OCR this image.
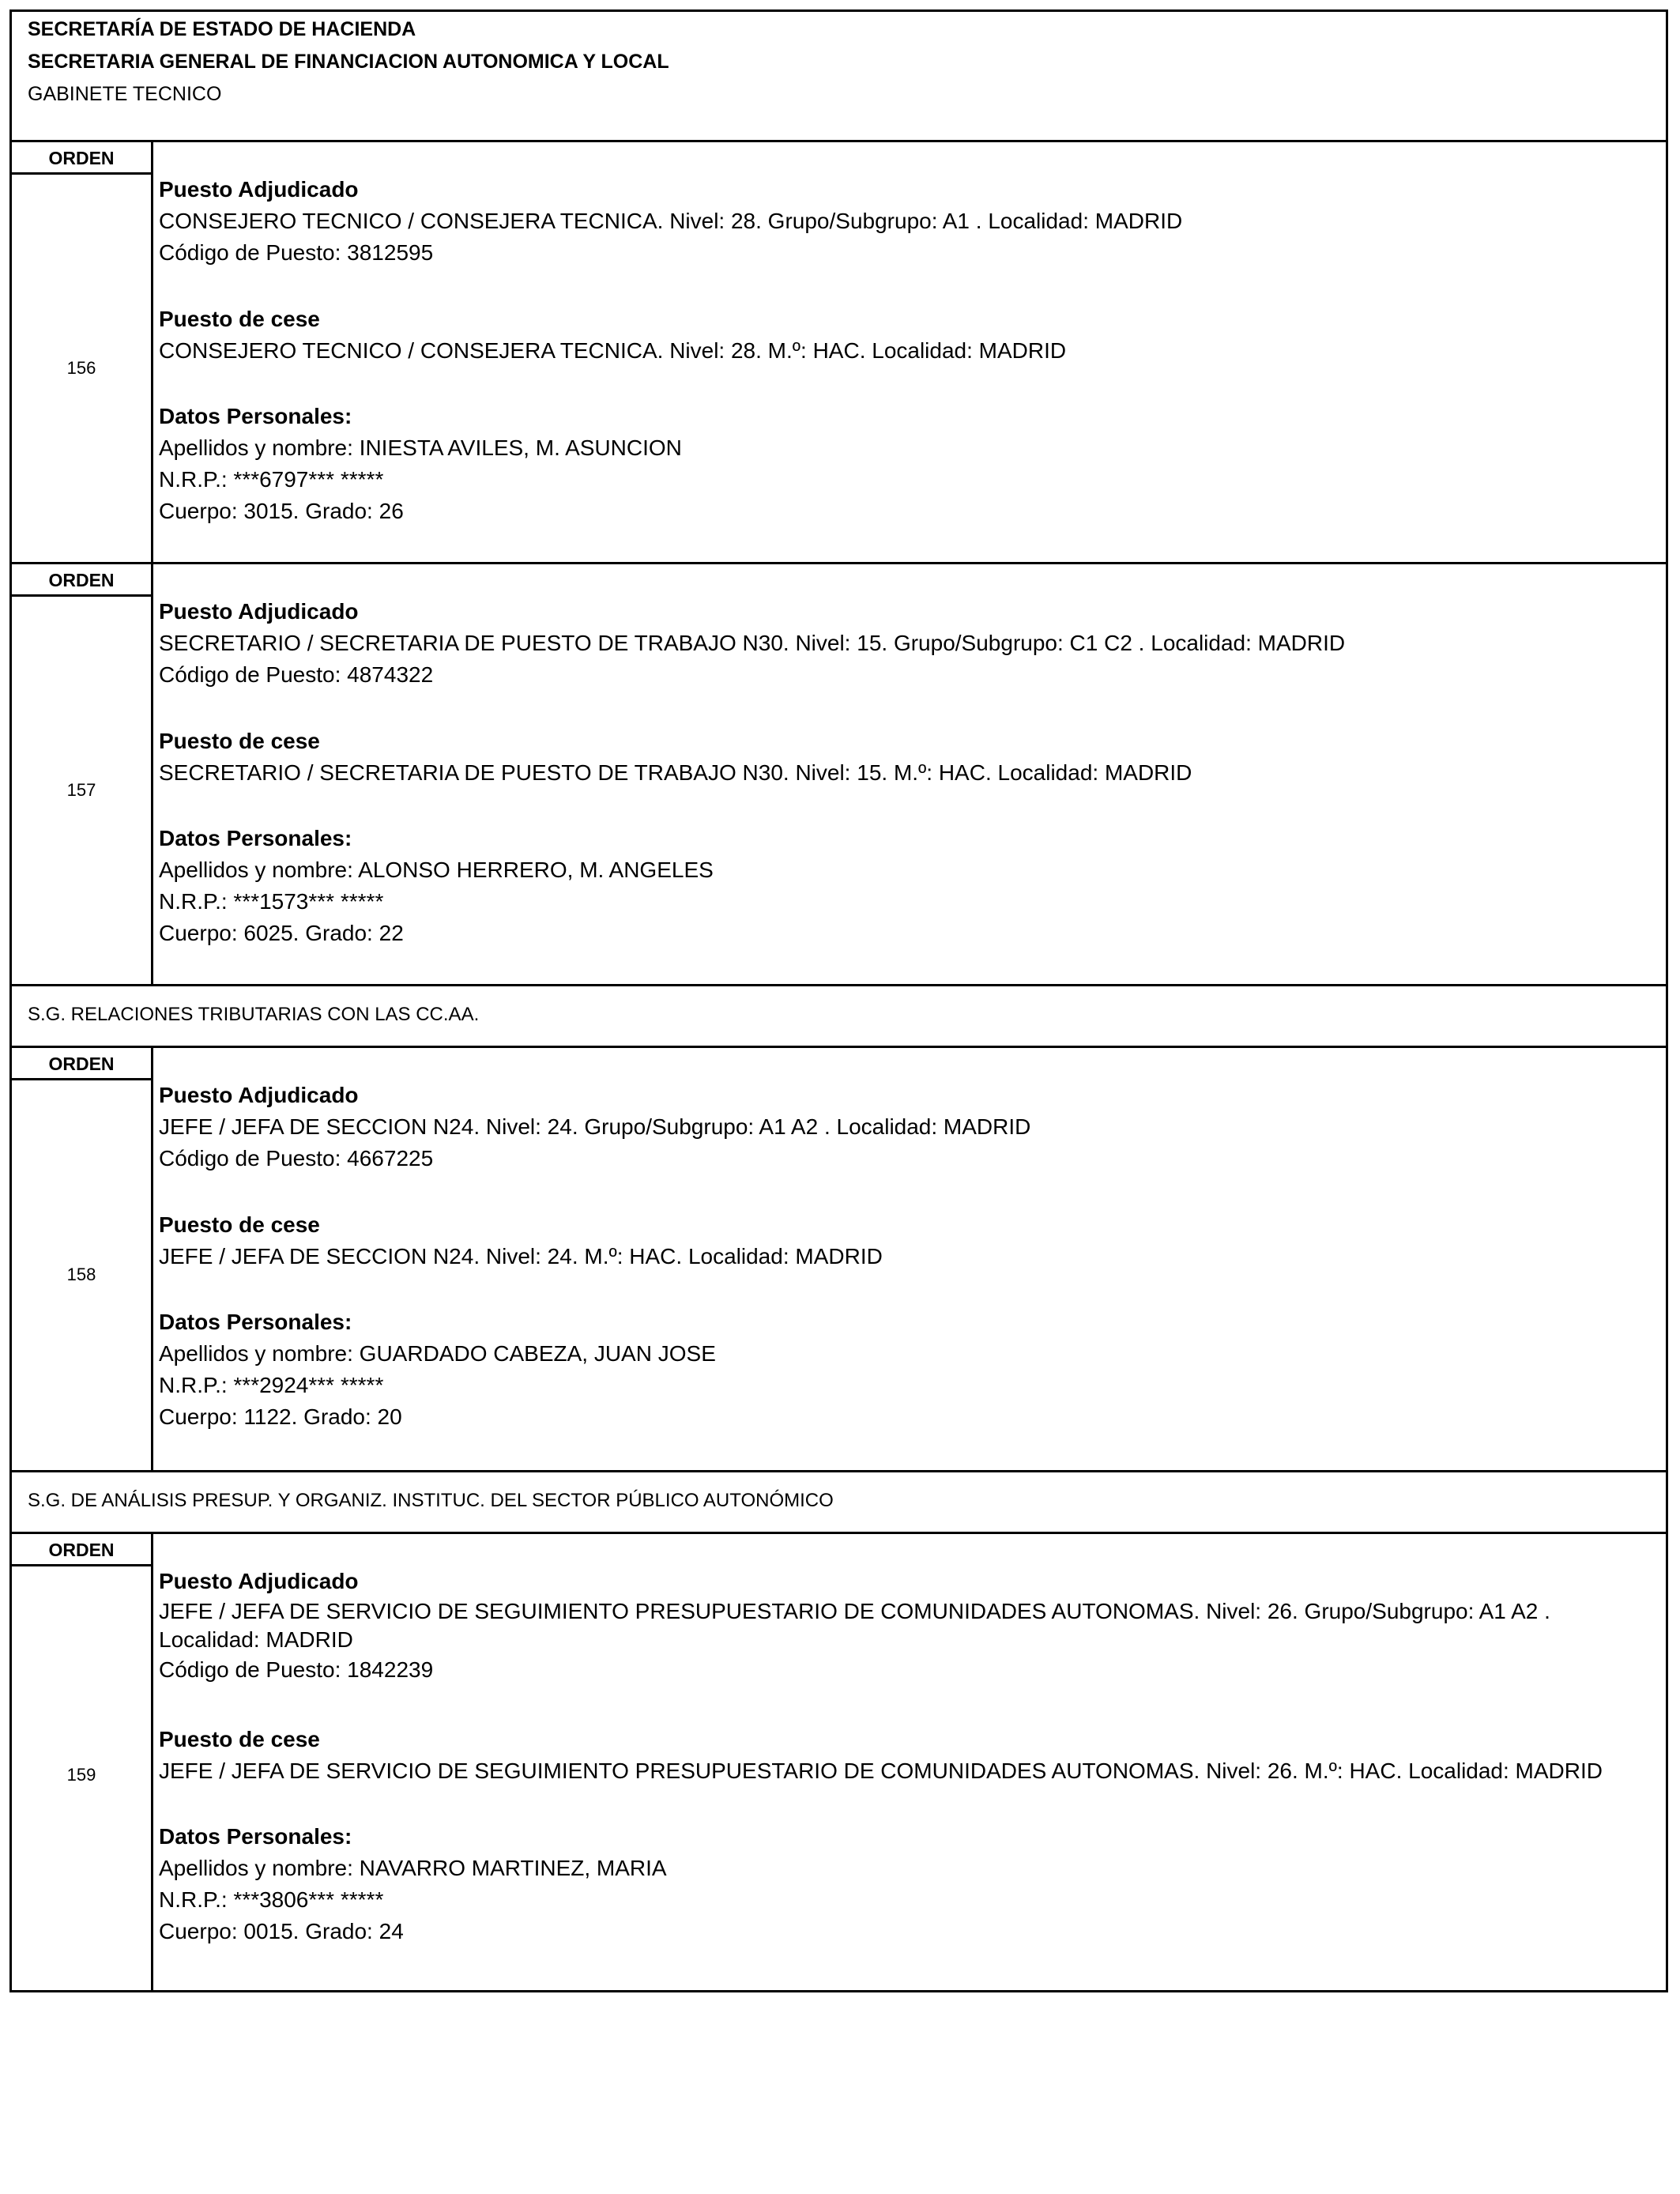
SECRETARÍA DE ESTADO DE HACIENDA
SECRETARIA GENERAL DE FINANCIACION AUTONOMICA Y LOCAL
GABINETE TECNICO
ORDEN
156
Puesto Adjudicado
CONSEJERO TECNICO / CONSEJERA TECNICA. Nivel: 28. Grupo/Subgrupo: A1 . Localidad: MADRID
Código de Puesto: 3812595
Puesto de cese
CONSEJERO TECNICO / CONSEJERA TECNICA. Nivel: 28. M.º: HAC. Localidad: MADRID
Datos Personales:
Apellidos y nombre: INIESTA AVILES, M. ASUNCION
N.R.P.: ***6797*** *****
Cuerpo: 3015. Grado: 26
ORDEN
157
Puesto Adjudicado
SECRETARIO / SECRETARIA DE PUESTO DE TRABAJO N30. Nivel: 15. Grupo/Subgrupo: C1 C2 . Localidad: MADRID
Código de Puesto: 4874322
Puesto de cese
SECRETARIO / SECRETARIA DE PUESTO DE TRABAJO N30. Nivel: 15. M.º: HAC. Localidad: MADRID
Datos Personales:
Apellidos y nombre: ALONSO HERRERO, M. ANGELES
N.R.P.: ***1573*** *****
Cuerpo: 6025. Grado: 22
S.G. RELACIONES TRIBUTARIAS CON LAS CC.AA.
ORDEN
158
Puesto Adjudicado
JEFE / JEFA DE SECCION N24. Nivel: 24. Grupo/Subgrupo: A1 A2 . Localidad: MADRID
Código de Puesto: 4667225
Puesto de cese
JEFE / JEFA DE SECCION N24. Nivel: 24. M.º: HAC. Localidad: MADRID
Datos Personales:
Apellidos y nombre: GUARDADO CABEZA, JUAN JOSE
N.R.P.: ***2924*** *****
Cuerpo: 1122. Grado: 20
S.G. DE ANÁLISIS PRESUP. Y ORGANIZ. INSTITUC. DEL SECTOR PÚBLICO AUTONÓMICO
ORDEN
159
Puesto Adjudicado
JEFE / JEFA DE SERVICIO DE SEGUIMIENTO PRESUPUESTARIO DE COMUNIDADES AUTONOMAS. Nivel: 26. Grupo/Subgrupo: A1 A2 . Localidad: MADRID
Código de Puesto: 1842239
Puesto de cese
JEFE / JEFA DE SERVICIO DE SEGUIMIENTO PRESUPUESTARIO DE COMUNIDADES AUTONOMAS. Nivel: 26. M.º: HAC. Localidad: MADRID
Datos Personales:
Apellidos y nombre: NAVARRO MARTINEZ, MARIA
N.R.P.: ***3806*** *****
Cuerpo: 0015. Grado: 24
